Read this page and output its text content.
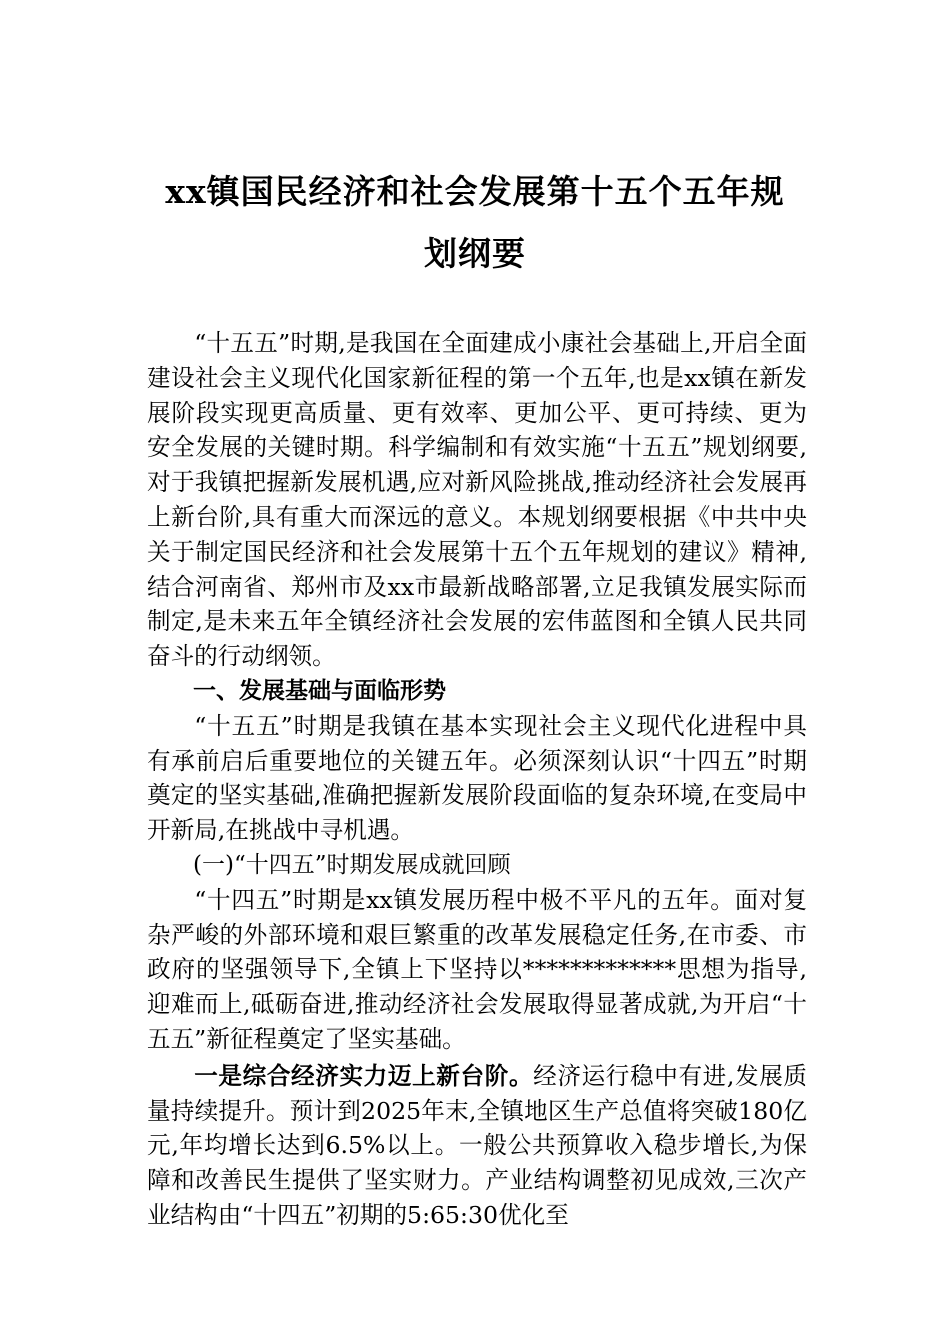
xx镇国民经济和社会发展第十五个五年规
划纲要

“十五五”时期,是我国在全面建成小康社会基础上,开启全面建设社会主义现代化国家新征程的第一个五年,也是xx镇在新发展阶段实现更高质量、更有效率、更加公平、更可持续、更为安全发展的关键时期。科学编制和有效实施“十五五”规划纲要,对于我镇把握新发展机遇,应对新风险挑战,推动经济社会发展再上新台阶,具有重大而深远的意义。本规划纲要根据《中共中央关于制定国民经济和社会发展第十五个五年规划的建议》精神,结合河南省、郑州市及xx市最新战略部署,立足我镇发展实际而制定,是未来五年全镇经济社会发展的宏伟蓝图和全镇人民共同奋斗的行动纲领。

一、发展基础与面临形势

“十五五”时期是我镇在基本实现社会主义现代化进程中具有承前启后重要地位的关键五年。必须深刻认识“十四五”时期奠定的坚实基础,准确把握新发展阶段面临的复杂环境,在变局中开新局,在挑战中寻机遇。

(一)“十四五”时期发展成就回顾

“十四五”时期是xx镇发展历程中极不平凡的五年。面对复杂严峻的外部环境和艰巨繁重的改革发展稳定任务,在市委、市政府的坚强领导下,全镇上下坚持以*************思想为指导,迎难而上,砥砺奋进,推动经济社会发展取得显著成就,为开启“十五五”新征程奠定了坚实基础。

一是综合经济实力迈上新台阶。经济运行稳中有进,发展质量持续提升。预计到2025年末,全镇地区生产总值将突破180亿元,年均增长达到6.5%以上。一般公共预算收入稳步增长,为保障和改善民生提供了坚实财力。产业结构调整初见成效,三次产业结构由“十四五”初期的5:65:30优化至
